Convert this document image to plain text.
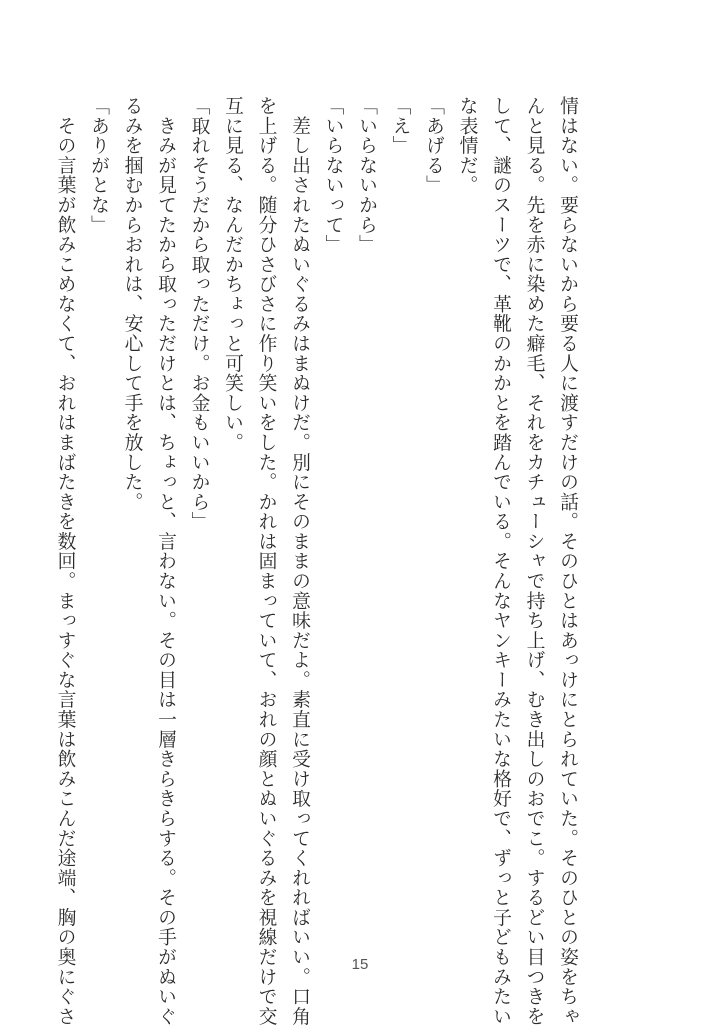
情はない。要らないから要る人に渡すだけの話。そのひとはあっけにとられていた。そのひとの姿をちゃ
んと見る。先を赤に染めた癖毛、それをカチューシャで持ち上げ、むき出しのおでこ。するどい目つきを
して、謎のスーツで、革靴のかかとを踏んでいる。そんなヤンキーみたいな格好で、ずっと子どもみたい
な表情だ。
「あげる」
「え」
「いらないから」
「いらないって」
　差し出されたぬいぐるみはまぬけだ。別にそのままの意味だよ。素直に受け取ってくれればいい。口角
を上げる。随分ひさびさに作り笑いをした。かれは固まっていて、おれの顔とぬいぐるみを視線だけで交
互に見る、なんだかちょっと可笑しい。
「取れそうだから取っただけ。お金もいいから」
　きみが見てたから取っただけとは、ちょっと、言わない。その目は一層きらきらする。その手がぬいぐ
るみを掴むからおれは、安心して手を放した。
「ありがとな」
　その言葉が飲みこめなくて、おれはまばたきを数回。まっすぐな言葉は飲みこんだ途端、胸の奥にぐさ	15
